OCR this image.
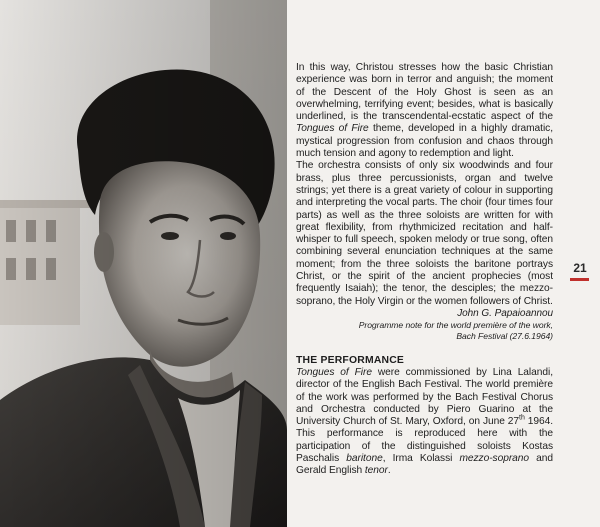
In this way, Christou stresses how the basic Christian experience was born in terror and anguish; the moment of the Descent of the Holy Ghost is seen as an overwhelming, terrifying event; besides, what is basically underlined, is the transcendental-ecstatic aspect of the Tongues of Fire theme, developed in a highly dramatic, mystical progression from confusion and chaos through much tension and agony to redemption and light.

The orchestra consists of only six woodwinds and four brass, plus three percussionists, organ and twelve strings; yet there is a great variety of colour in supporting and interpreting the vocal parts. The choir (four times four parts) as well as the three soloists are written for with great flexibility, from rhythmicized recitation and half-whisper to full speech, spoken melody or true song, often combining several enunciation techniques at the same moment; from the three soloists the baritone portrays Christ, or the spirit of the ancient prophecies (most frequently Isaiah); the tenor, the desciples; the mezzo-soprano, the Holy Virgin or the women followers of Christ.

John G. Papaioannou
Programme note for the world première of the work,
Bach Festival (27.6.1964)
THE PERFORMANCE

Tongues of Fire were commissioned by Lina Lalandi, director of the English Bach Festival. The world première of the work was performed by the Bach Festival Chorus and Orchestra conducted by Piero Guarino at the University Church of St. Mary, Oxford, on June 27th 1964. This performance is reproduced here with the participation of the distinguished soloists Kostas Paschalis baritone, Irma Kolassi mezzo-soprano and Gerald English tenor.

21
